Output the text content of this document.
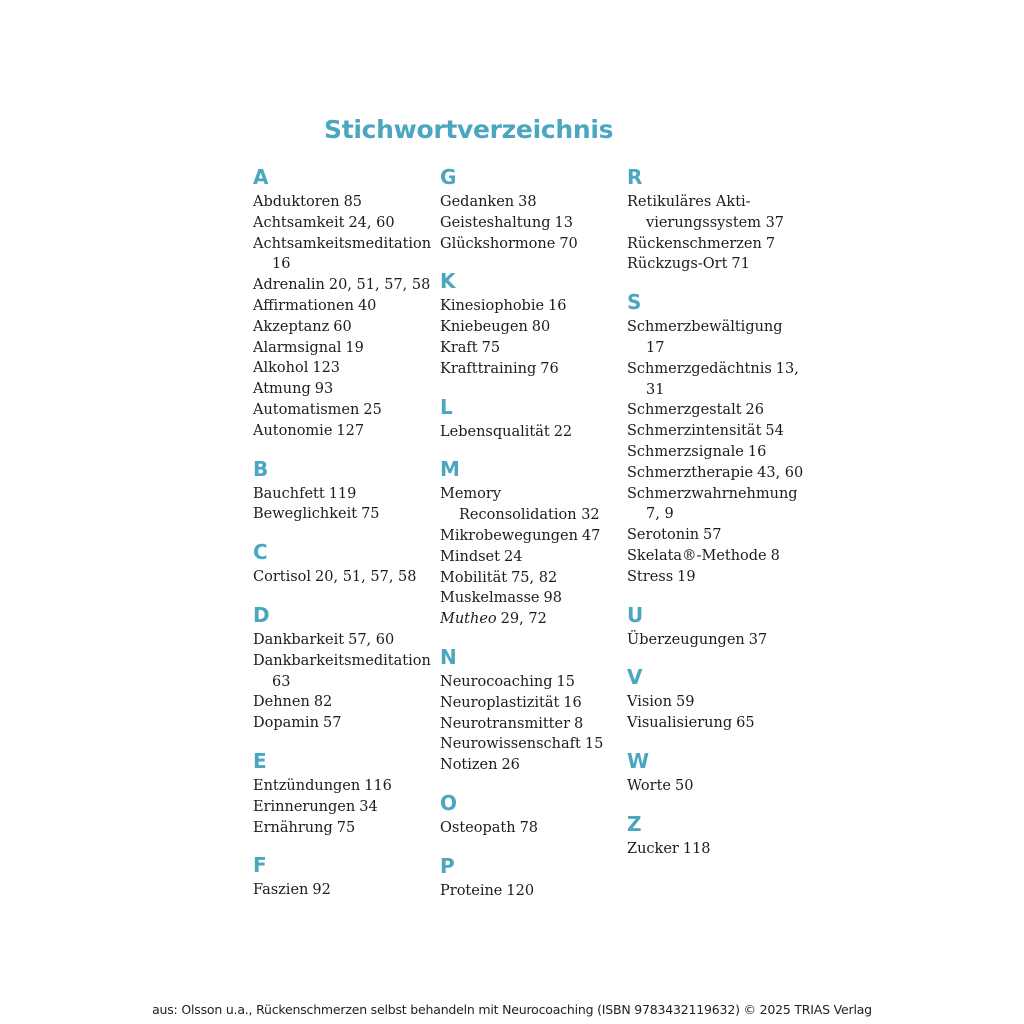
Stichwortverzeichnis
A
Abduktoren 85
Achtsamkeit 24, 60
Achtsamkeitsmeditation
16
Adrenalin 20, 51, 57, 58
Affirmationen 40
Akzeptanz 60
Alarmsignal 19
Alkohol 123
Atmung 93
Automatismen 25
Autonomie 127
B
Bauchfett 119
Beweglichkeit 75
C
Cortisol 20, 51, 57, 58
D
Dankbarkeit 57, 60
Dankbarkeitsmeditation
63
Dehnen 82
Dopamin 57
E
Entzündungen 116
Erinnerungen 34
Ernährung 75
F
Faszien 92
G
Gedanken 38
Geisteshaltung 13
Glückshormone 70
K
Kinesiophobie 16
Kniebeugen 80
Kraft 75
Krafttraining 76
L
Lebensqualität 22
M
Memory
Reconsolidation 32
Mikrobewegungen 47
Mindset 24
Mobilität 75, 82
Muskelmasse 98
Mutheo 29, 72
N
Neurocoaching 15
Neuroplastizität 16
Neurotransmitter 8
Neurowissenschaft 15
Notizen 26
O
Osteopath 78
P
Proteine 120
R
Retikuläres Akti-
vierungssystem 37
Rückenschmerzen 7
Rückzugs-Ort 71
S
Schmerzbewältigung
17
Schmerzgedächtnis 13,
31
Schmerzgestalt 26
Schmerzintensität 54
Schmerzsignale 16
Schmerztherapie 43, 60
Schmerzwahrnehmung
7, 9
Serotonin 57
Skelata®-Methode 8
Stress 19
U
Überzeugungen 37
V
Vision 59
Visualisierung 65
W
Worte 50
Z
Zucker 118
aus: Olsson u.a., Rückenschmerzen selbst behandeln mit Neurocoaching (ISBN 9783432119632) © 2025 TRIAS Verlag
